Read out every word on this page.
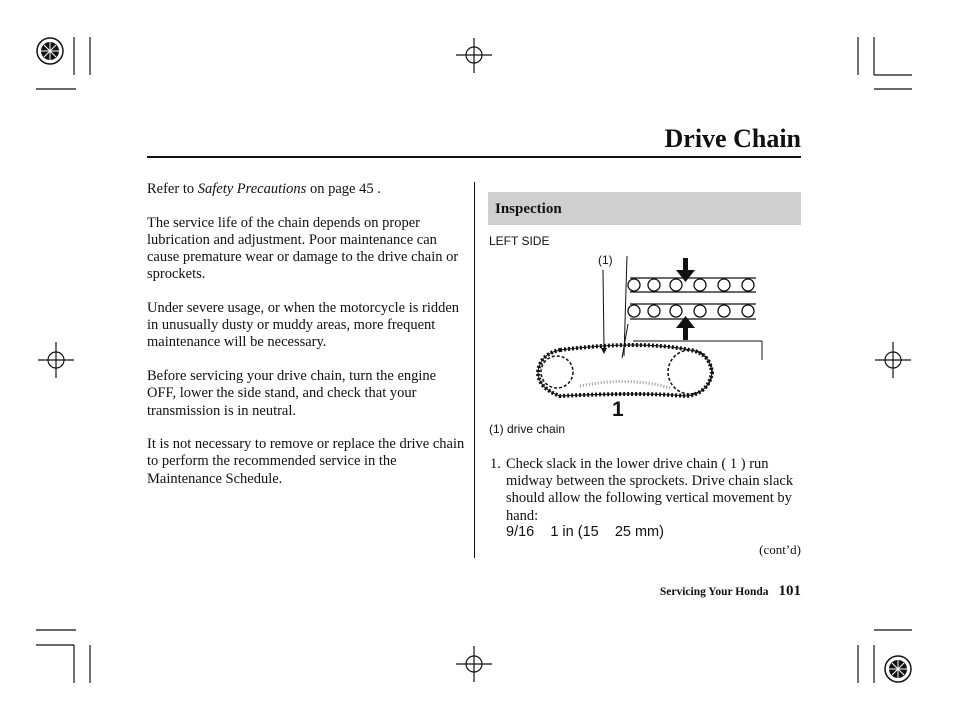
Drive Chain

Refer to Safety Precautions on page 45 .

The service life of the chain depends on proper lubrication and adjustment. Poor maintenance can cause premature wear or damage to the drive chain or sprockets.

Under severe usage, or when the motorcycle is ridden in unusually dusty or muddy areas, more frequent maintenance will be necessary.

Before servicing your drive chain, turn the engine OFF, lower the side stand, and check that your transmission is in neutral.

It is not necessary to remove or replace the drive chain to perform the recommended service in the Maintenance Schedule.

Inspection
LEFT SIDE
(1)
1
(1) drive chain
1. Check slack in the lower drive chain ( 1 ) run midway between the sprockets. Drive chain slack should allow the following vertical movement by hand:
9/16    1 in (15    25 mm)
(cont’d)
Servicing Your Honda 101
